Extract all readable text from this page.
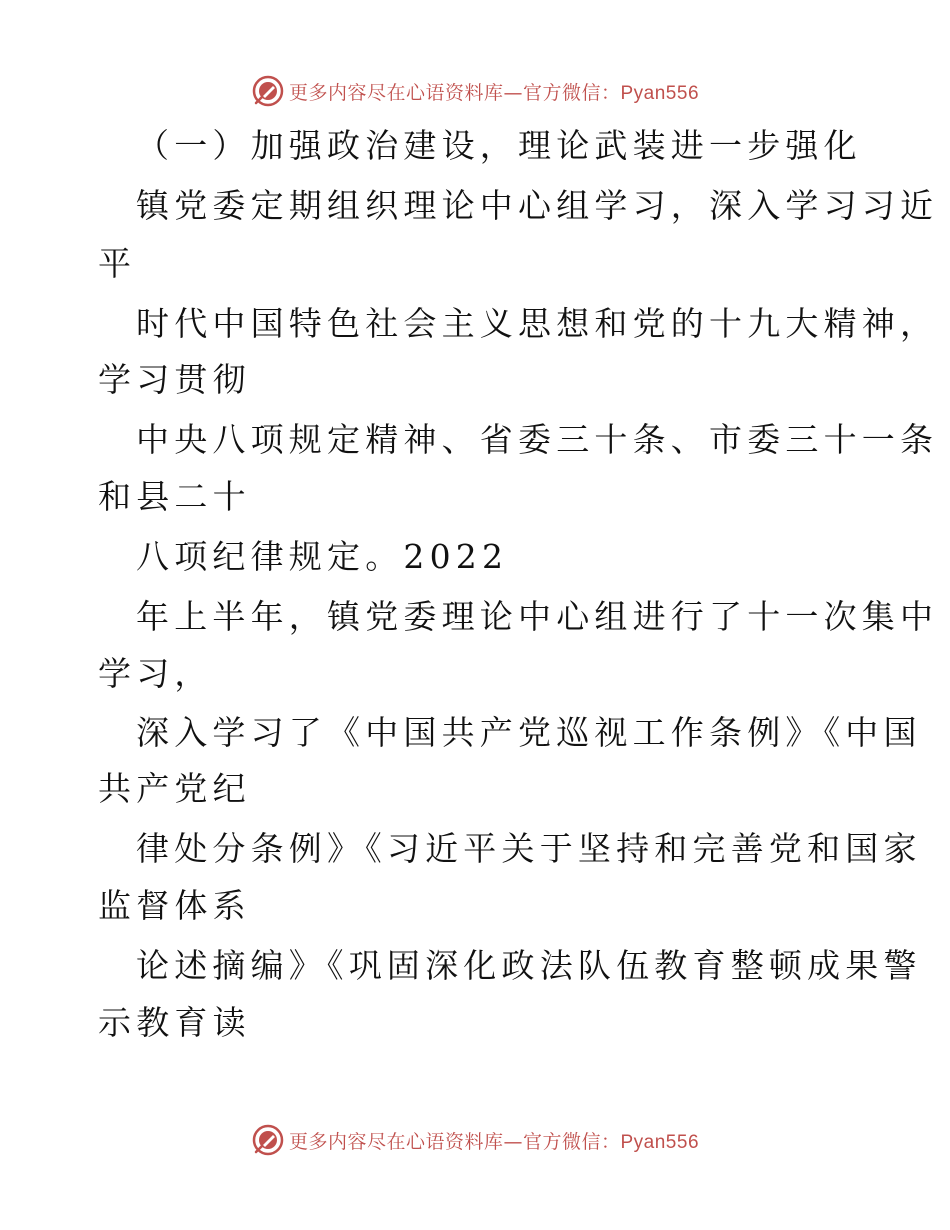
更多内容尽在心语资料库—官方微信：Pyan556
（一）加强政治建设，理论武装进一步强化
镇党委定期组织理论中心组学习，深入学习习近
平
时代中国特色社会主义思想和党的十九大精神，
学习贯彻
中央八项规定精神、省委三十条、市委三十一条
和县二十
八项纪律规定。2022
年上半年，镇党委理论中心组进行了十一次集中
学习，
深入学习了《中国共产党巡视工作条例》《中国
共产党纪
律处分条例》《习近平关于坚持和完善党和国家
监督体系
论述摘编》《巩固深化政法队伍教育整顿成果警
示教育读
更多内容尽在心语资料库—官方微信：Pyan556
